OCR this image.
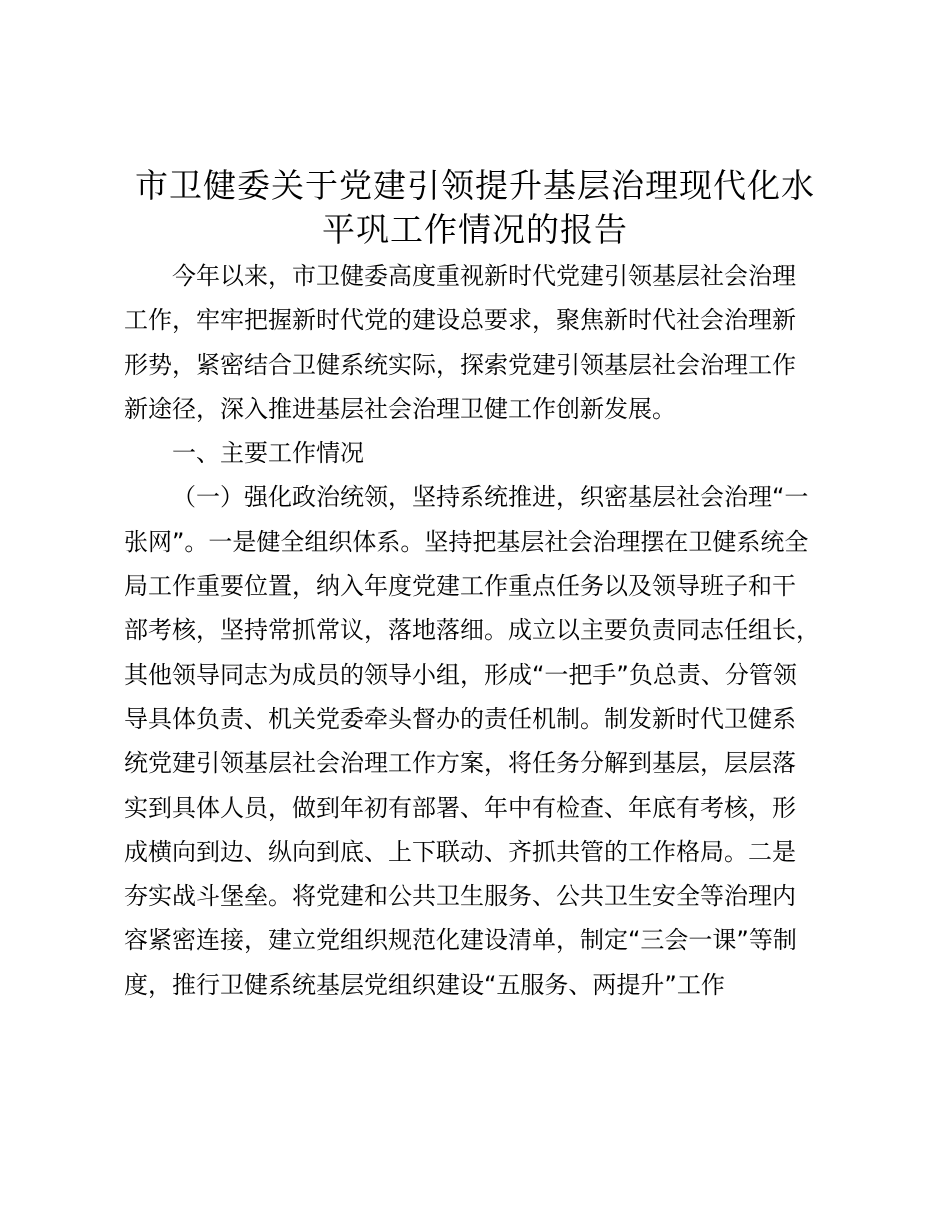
市卫健委关于党建引领提升基层治理现代化水
平巩工作情况的报告
今年以来，市卫健委高度重视新时代党建引领基层社会治理
工作，牢牢把握新时代党的建设总要求，聚焦新时代社会治理新
形势，紧密结合卫健系统实际，探索党建引领基层社会治理工作
新途径，深入推进基层社会治理卫健工作创新发展。
一、主要工作情况
（一）强化政治统领，坚持系统推进，织密基层社会治理“一
张网”。一是健全组织体系。坚持把基层社会治理摆在卫健系统全
局工作重要位置，纳入年度党建工作重点任务以及领导班子和干
部考核，坚持常抓常议，落地落细。成立以主要负责同志任组长，
其他领导同志为成员的领导小组，形成“一把手”负总责、分管领
导具体负责、机关党委牵头督办的责任机制。制发新时代卫健系
统党建引领基层社会治理工作方案，将任务分解到基层，层层落
实到具体人员，做到年初有部署、年中有检查、年底有考核，形
成横向到边、纵向到底、上下联动、齐抓共管的工作格局。二是
夯实战斗堡垒。将党建和公共卫生服务、公共卫生安全等治理内
容紧密连接，建立党组织规范化建设清单，制定“三会一课”等制
度，推行卫健系统基层党组织建设“五服务、两提升”工作
